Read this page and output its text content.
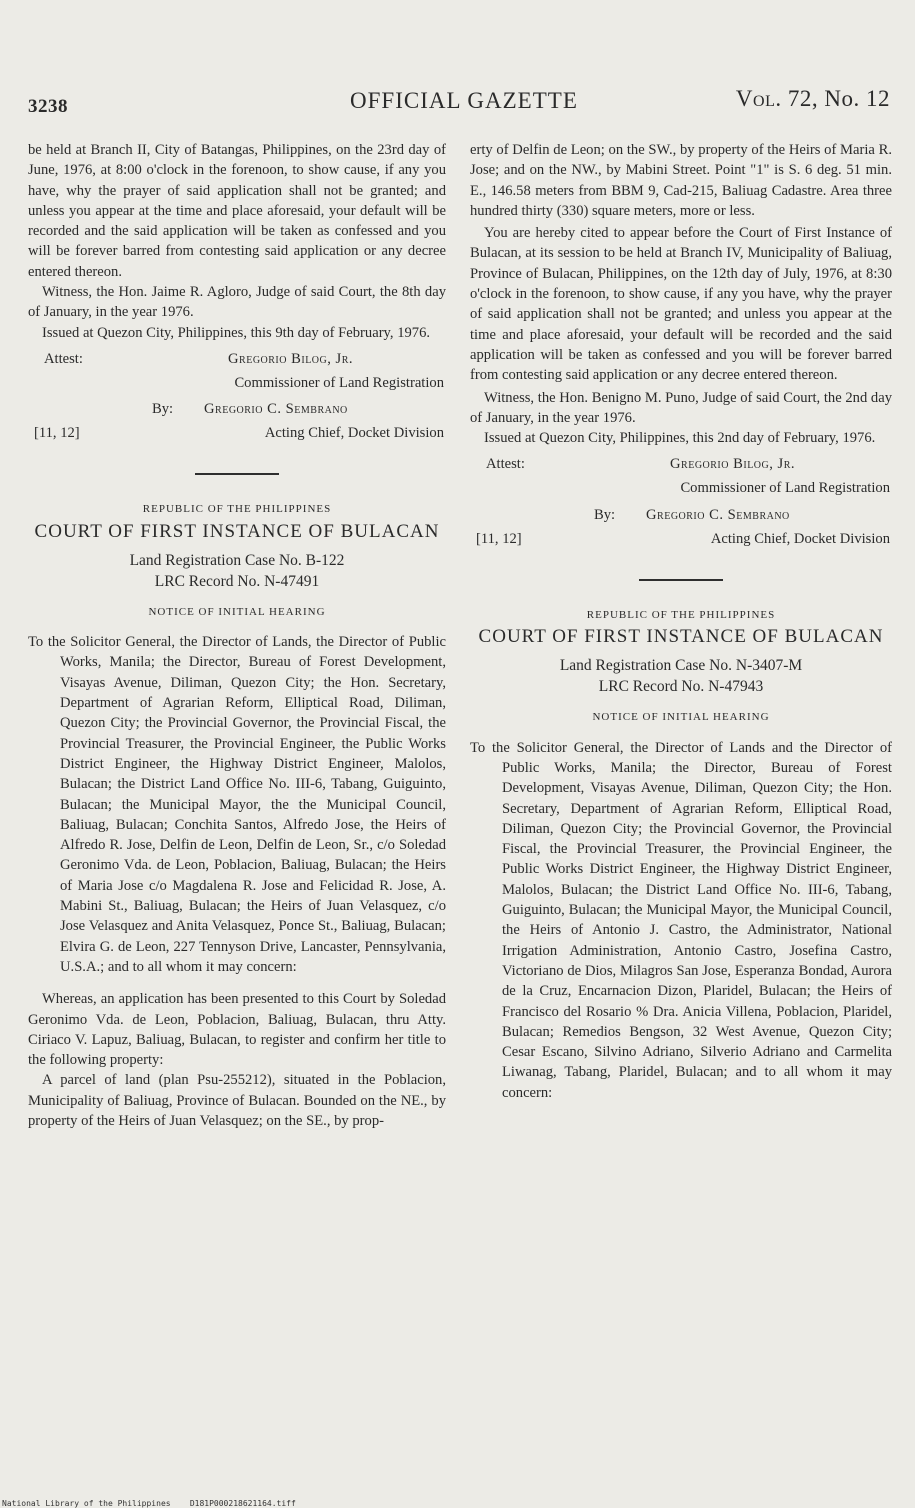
3238	OFFICIAL GAZETTE	Vol. 72, No. 12

be held at Branch II, City of Batangas, Philippines, on the 23rd day of June, 1976, at 8:00 o'clock in the forenoon, to show cause, if any you have, why the prayer of said application shall not be granted; and unless you appear at the time and place aforesaid, your default will be recorded and the said application will be taken as confessed and you will be forever barred from contesting said application or any decree entered thereon.

Witness, the Hon. Jaime R. Agloro, Judge of said Court, the 8th day of January, in the year 1976.

Issued at Quezon City, Philippines, this 9th day of February, 1976.

Attest:	Gregorio Bilog, Jr.
Commissioner of Land Registration
By: Gregorio C. Sembrano
[11, 12]	Acting Chief, Docket Division
REPUBLIC OF THE PHILIPPINES
COURT OF FIRST INSTANCE OF BULACAN
Land Registration Case No. B-122
LRC Record No. N-47491
NOTICE OF INITIAL HEARING

To the Solicitor General, the Director of Lands, the Director of Public Works, Manila; the Director, Bureau of Forest Development, Visayas Avenue, Diliman, Quezon City; the Hon. Secretary, Department of Agrarian Reform, Elliptical Road, Diliman, Quezon City; the Provincial Governor, the Provincial Fiscal, the Provincial Treasurer, the Provincial Engineer, the Public Works District Engineer, the Highway District Engineer, Malolos, Bulacan; the District Land Office No. III-6, Tabang, Guiguinto, Bulacan; the Municipal Mayor, the the Municipal Council, Baliuag, Bulacan; Conchita Santos, Alfredo Jose, the Heirs of Alfredo R. Jose, Delfin de Leon, Delfin de Leon, Sr., c/o Soledad Geronimo Vda. de Leon, Poblacion, Baliuag, Bulacan; the Heirs of Maria Jose c/o Magdalena R. Jose and Felicidad R. Jose, A. Mabini St., Baliuag, Bulacan; the Heirs of Juan Velasquez, c/o Jose Velasquez and Anita Velasquez, Ponce St., Baliuag, Bulacan; Elvira G. de Leon, 227 Tennyson Drive, Lancaster, Pennsylvania, U.S.A.; and to all whom it may concern:

Whereas, an application has been presented to this Court by Soledad Geronimo Vda. de Leon, Poblacion, Baliuag, Bulacan, thru Atty. Ciriaco V. Lapuz, Baliuag, Bulacan, to register and confirm her title to the following property:

A parcel of land (plan Psu-255212), situated in the Poblacion, Municipality of Baliuag, Province of Bulacan. Bounded on the NE., by property of the Heirs of Juan Velasquez; on the SE., by prop-

erty of Delfin de Leon; on the SW., by property of the Heirs of Maria R. Jose; and on the NW., by Mabini Street. Point "1" is S. 6 deg. 51 min. E., 146.58 meters from BBM 9, Cad-215, Baliuag Cadastre. Area three hundred thirty (330) square meters, more or less.

You are hereby cited to appear before the Court of First Instance of Bulacan, at its session to be held at Branch IV, Municipality of Baliuag, Province of Bulacan, Philippines, on the 12th day of July, 1976, at 8:30 o'clock in the forenoon, to show cause, if any you have, why the prayer of said application shall not be granted; and unless you appear at the time and place aforesaid, your default will be recorded and the said application will be taken as confessed and you will be forever barred from contesting said application or any decree entered thereon.

Witness, the Hon. Benigno M. Puno, Judge of said Court, the 2nd day of January, in the year 1976.

Issued at Quezon City, Philippines, this 2nd day of February, 1976.

Attest:	Gregorio Bilog, Jr.
Commissioner of Land Registration
By: Gregorio C. Sembrano
[11, 12]	Acting Chief, Docket Division
REPUBLIC OF THE PHILIPPINES
COURT OF FIRST INSTANCE OF BULACAN
Land Registration Case No. N-3407-M
LRC Record No. N-47943
NOTICE OF INITIAL HEARING

To the Solicitor General, the Director of Lands and the Director of Public Works, Manila; the Director, Bureau of Forest Development, Visayas Avenue, Diliman, Quezon City; the Hon. Secretary, Department of Agrarian Reform, Elliptical Road, Diliman, Quezon City; the Provincial Governor, the Provincial Fiscal, the Provincial Treasurer, the Provincial Engineer, the Public Works District Engineer, the Highway District Engineer, Malolos, Bulacan; the District Land Office No. III-6, Tabang, Guiguinto, Bulacan; the Municipal Mayor, the Municipal Council, the Heirs of Antonio J. Castro, the Administrator, National Irrigation Administration, Antonio Castro, Josefina Castro, Victoriano de Dios, Milagros San Jose, Esperanza Bondad, Aurora de la Cruz, Encarnacion Dizon, Plaridel, Bulacan; the Heirs of Francisco del Rosario % Dra. Anicia Villena, Poblacion, Plaridel, Bulacan; Remedios Bengson, 32 West Avenue, Quezon City; Cesar Escano, Silvino Adriano, Silverio Adriano and Carmelita Liwanag, Tabang, Plaridel, Bulacan; and to all whom it may concern:

National Library of the Philippines    D181P000218621164.tiff
